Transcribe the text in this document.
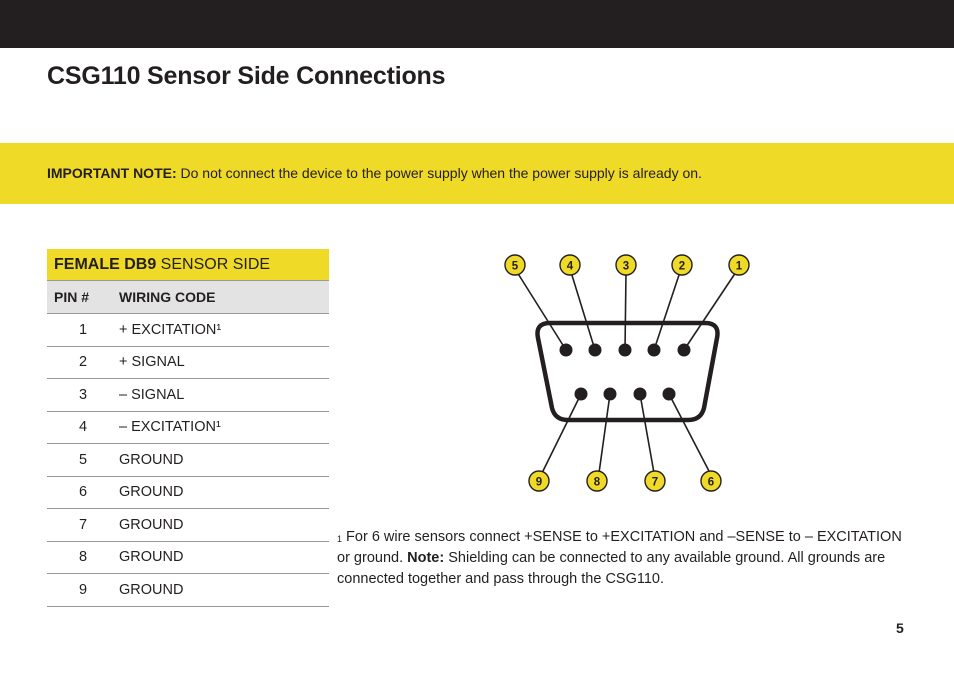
CSG110 Sensor Side Connections
IMPORTANT NOTE: Do not connect the device to the power supply when the power supply is already on.
FEMALE DB9 SENSOR SIDE	
PIN #	WIRING CODE
1	+ EXCITATION¹
2	+ SIGNAL
3	– SIGNAL
4	– EXCITATION¹
5	GROUND
6	GROUND
7	GROUND
8	GROUND
9	GROUND
5	4	3	2	1
9	8	7	6

$^1$ For 6 wire sensors connect +SENSE to +EXCITATION and –SENSE to – EXCITATION or ground. Note: Shielding can be connected to any available ground. All grounds are connected together and pass through the CSG110.

5
